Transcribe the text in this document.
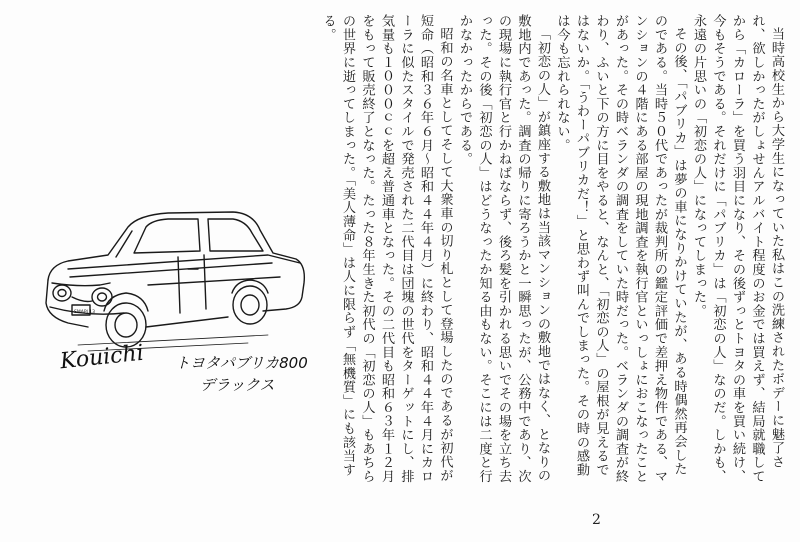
当時高校生から大学生になっていた私はこの洗練されたボデーに魅了され、欲しかったがしょせんアルバイト程度のお金では買えず、結局就職してから「カローラ」を買う羽目になり、その後ずっとトヨタの車を買い続け、今もそうである。それだけに「パブリカ」は「初恋の人」なのだ。しかも、永遠の片思いの「初恋の人」になってしまった。

その後、「パブリカ」は夢の車になりかけていたが、ある時偶然再会したのである。当時５０代であったが裁判所の鑑定評価で差押え物件である、マンションの４階にある部屋の現地調査を執行官といっしょにおこなったことがあった。その時ベランダの調査をしていた時だった。ベランダの調査が終わり、ふいと下の方に目をやると、なんと、「初恋の人」の屋根が見えるではないか。「うわーパブリカだ！」と思わず叫んでしまった。その時の感動は今も忘れられない。

「初恋の人」が鎮座する敷地は当該マンションの敷地ではなく、となりの敷地内であった。調査の帰りに寄ろうかと一瞬思ったが、公務中であり、次の現場に執行官と行かねばならず、後ろ髪を引かれる思いでその場を立ち去った。その後「初恋の人」はどうなったか知る由もない。そこには二度と行かなかったからである。

昭和の名車としてそして大衆車の切り札として登場したのであるが初代が短命（昭和３６年６月～昭和４４年４月）に終わり、昭和４４年４月にカローラに似たスタイルで発売された二代目は団塊の世代をターゲットにし、排気量も１０００ｃｃを超え普通車となった。その二代目も昭和６３年１２月をもって販売終了となった。たった８年生きた初代の「初恋の人」もあちらの世界に逝ってしまった。「美人薄命」は人に限らず「無機質」にも該当する。

SMAPI 13
Kouichi トヨタパブリカ800
デラックス
2
